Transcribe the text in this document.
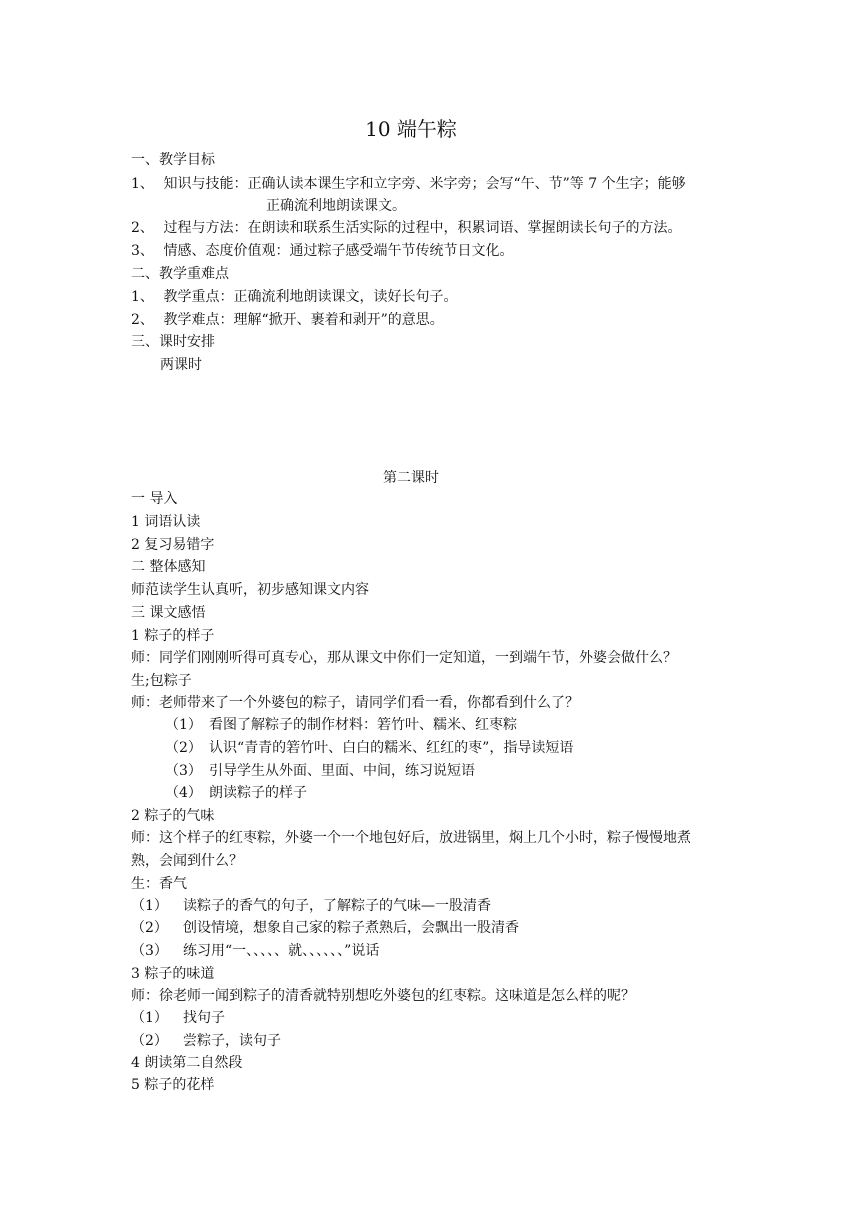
10 端午粽
一、教学目标
1、 知识与技能：正确认读本课生字和立字旁、米字旁；会写“午、节”等 7 个生字；能够
正确流利地朗读课文。
2、 过程与方法：在朗读和联系生活实际的过程中，积累词语、掌握朗读长句子的方法。
3、 情感、态度价值观：通过粽子感受端午节传统节日文化。
二、教学重难点
1、 教学重点：正确流利地朗读课文，读好长句子。
2、 教学难点：理解“掀开、裹着和剥开”的意思。
三、课时安排
两课时
第二课时
一 导入
1 词语认读
2 复习易错字
二 整体感知
师范读学生认真听，初步感知课文内容
三 课文感悟
1 粽子的样子
师：同学们刚刚听得可真专心，那从课文中你们一定知道，一到端午节，外婆会做什么？
生;包粽子
师：老师带来了一个外婆包的粽子，请同学们看一看，你都看到什么了？
（1） 看图了解粽子的制作材料：箬竹叶、糯米、红枣粽
（2） 认识“青青的箬竹叶、白白的糯米、红红的枣”，指导读短语
（3） 引导学生从外面、里面、中间，练习说短语
（4） 朗读粽子的样子
2 粽子的气味
师：这个样子的红枣粽，外婆一个一个地包好后，放进锅里，焖上几个小时，粽子慢慢地煮
熟，会闻到什么？
生：香气
（1） 读粽子的香气的句子，了解粽子的气味—一股清香
（2） 创设情境，想象自己家的粽子煮熟后，会飘出一股清香
（3） 练习用“一、、、、、就、、、、、、”说话
3 粽子的味道
师：徐老师一闻到粽子的清香就特别想吃外婆包的红枣粽。这味道是怎么样的呢？
（1） 找句子
（2） 尝粽子，读句子
4 朗读第二自然段
5 粽子的花样
